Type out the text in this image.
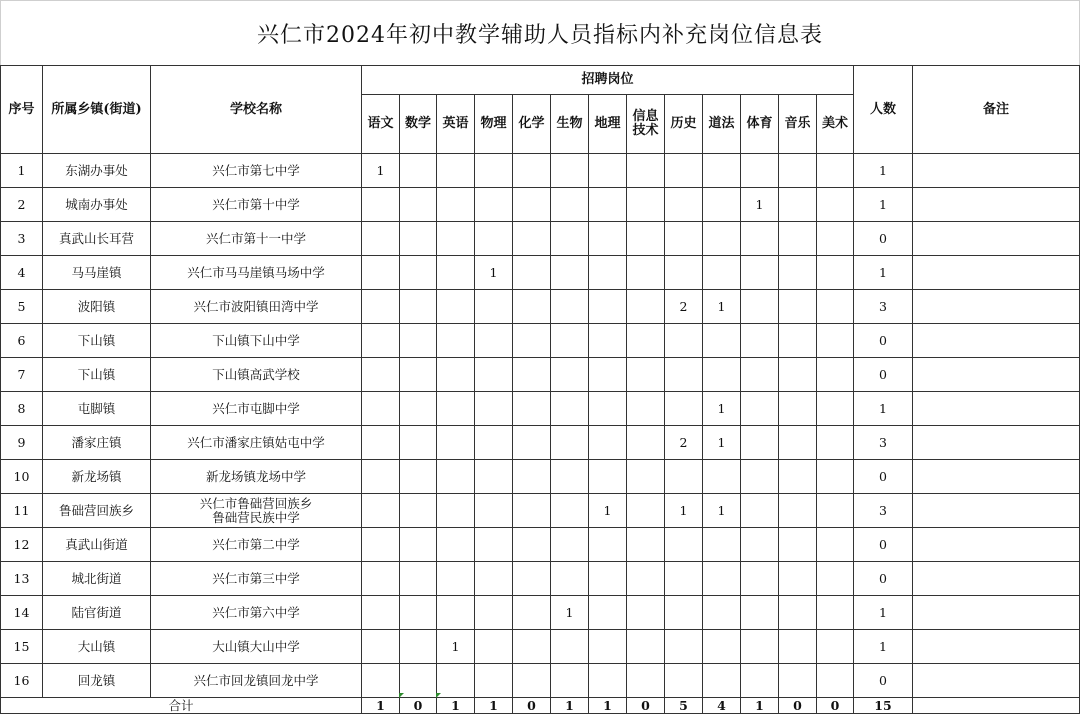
兴仁市2024年初中教学辅助人员指标内补充岗位信息表
序号	所属乡镇(街道)	学校名称	招聘岗位													人数	备注
			语文	数学	英语	物理	化学	生物	地理	信息技术	历史	道法	体育	音乐	美术		
1	东湖办事处	兴仁市第七中学	1													1	
2	城南办事处	兴仁市第十中学											1			1	
3	真武山长耳营	兴仁市第十一中学														0	
4	马马崖镇	兴仁市马马崖镇马场中学				1										1	
5	波阳镇	兴仁市波阳镇田湾中学									2	1				3	
6	下山镇	下山镇下山中学														0	
7	下山镇	下山镇高武学校														0	
8	屯脚镇	兴仁市屯脚中学										1				1	
9	潘家庄镇	兴仁市潘家庄镇姑屯中学									2	1				3	
10	新龙场镇	新龙场镇龙场中学														0	
11	鲁础营回族乡	兴仁市鲁础营回族乡
鲁础营民族中学							1		1	1				3	
12	真武山街道	兴仁市第二中学														0	
13	城北街道	兴仁市第三中学														0	
14	陆官街道	兴仁市第六中学						1								1	
15	大山镇	大山镇大山中学			1											1	
16	回龙镇	兴仁市回龙镇回龙中学														0	
合计			1	0	1	1	0	1	1	0	5	4	1	0	0	15	
